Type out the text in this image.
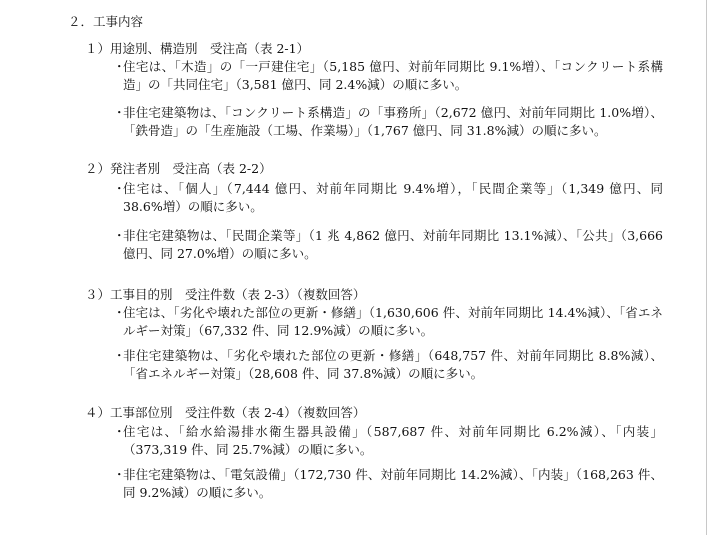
２．工事内容
１）用途別、構造別　受注高（表 2-1）
・
住宅は、「木造」の「一戸建住宅」（5,185 億円、対前年同期比 9.1%増）、「コンクリート系構造」の「共同住宅」（3,581 億円、同 2.4%減）の順に多い。
・
非住宅建築物は、「コンクリート系構造」の「事務所」（2,672 億円、対前年同期比 1.0%増）、「鉄骨造」の「生産施設（工場、作業場）」（1,767 億円、同 31.8%減）の順に多い。
２）発注者別　受注高（表 2-2）
・
住宅は、「個人」（7,444 億円、対前年同期比 9.4%増），「民間企業等」（1,349 億円、同 38.6%増）の順に多い。
・
非住宅建築物は、「民間企業等」（1 兆 4,862 億円、対前年同期比 13.1%減）、「公共」（3,666 億円、同 27.0%増）の順に多い。
３）工事目的別　受注件数（表 2-3）（複数回答）
・
住宅は、「劣化や壊れた部位の更新・修繕」（1,630,606 件、対前年同期比 14.4%減）、「省エネルギー対策」（67,332 件、同 12.9%減）の順に多い。
・
非住宅建築物は、「劣化や壊れた部位の更新・修繕」（648,757 件、対前年同期比 8.8%減）、「省エネルギー対策」（28,608 件、同 37.8%減）の順に多い。
４）工事部位別　受注件数（表 2-4）（複数回答）
・
住宅は、「給水給湯排水衛生器具設備」（587,687 件、対前年同期比 6.2%減）、「内装」（373,319 件、同 25.7%減）の順に多い。
・
非住宅建築物は、「電気設備」（172,730 件、対前年同期比 14.2%減）、「内装」（168,263 件、同 9.2%減）の順に多い。
